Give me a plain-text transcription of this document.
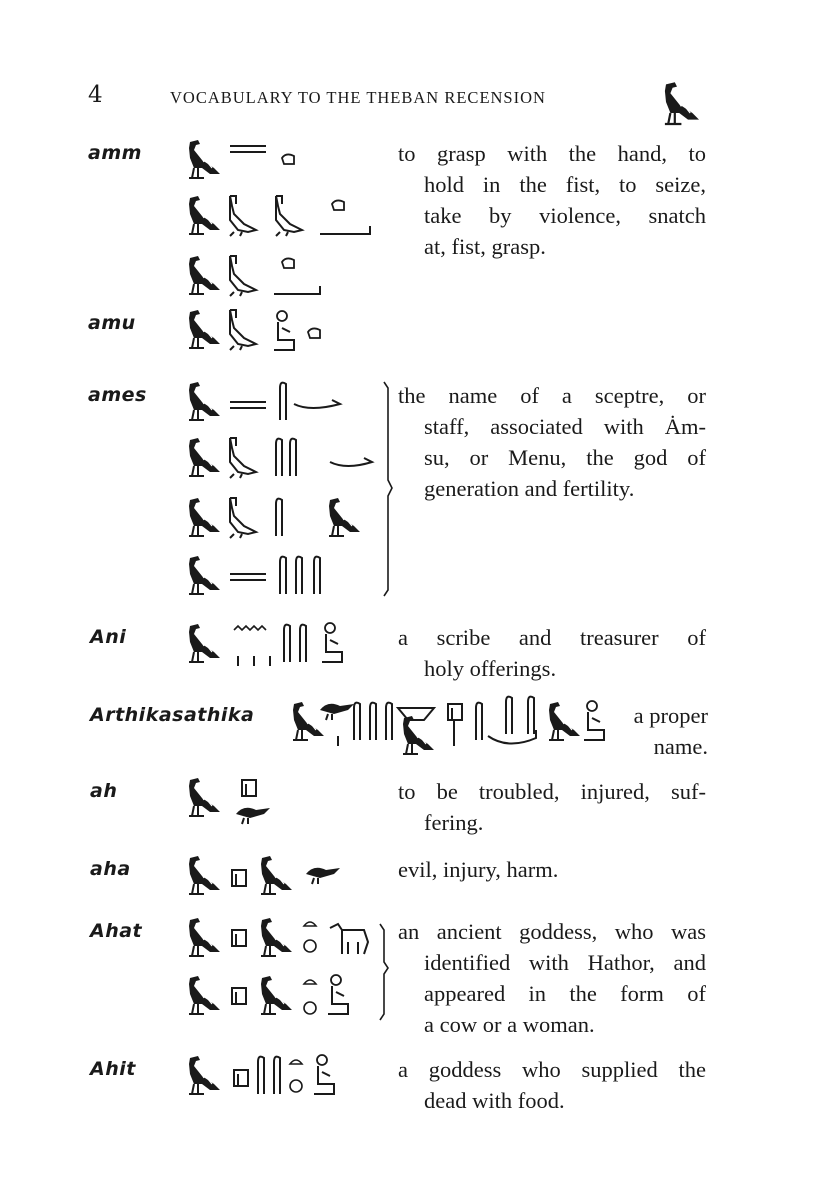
4	VOCABULARY TO THE THEBAN RECENSION
amm	to grasp with the hand, to
hold in the fist, to seize,
take by violence, snatch
at, fist, grasp.
amu
ames	the name of a sceptre, or
staff, associated with Ȧm-
su, or Menu, the god of
generation and fertility.
Ani	a scribe and treasurer of
holy offerings.
Arthikasathika	a proper
name.
ah	to be troubled, injured, suf-
fering.
aha	evil, injury, harm.
Ahat	an ancient goddess, who was
identified with Hathor, and
appeared in the form of
a cow or a woman.
Ahit	a goddess who supplied the
dead with food.
